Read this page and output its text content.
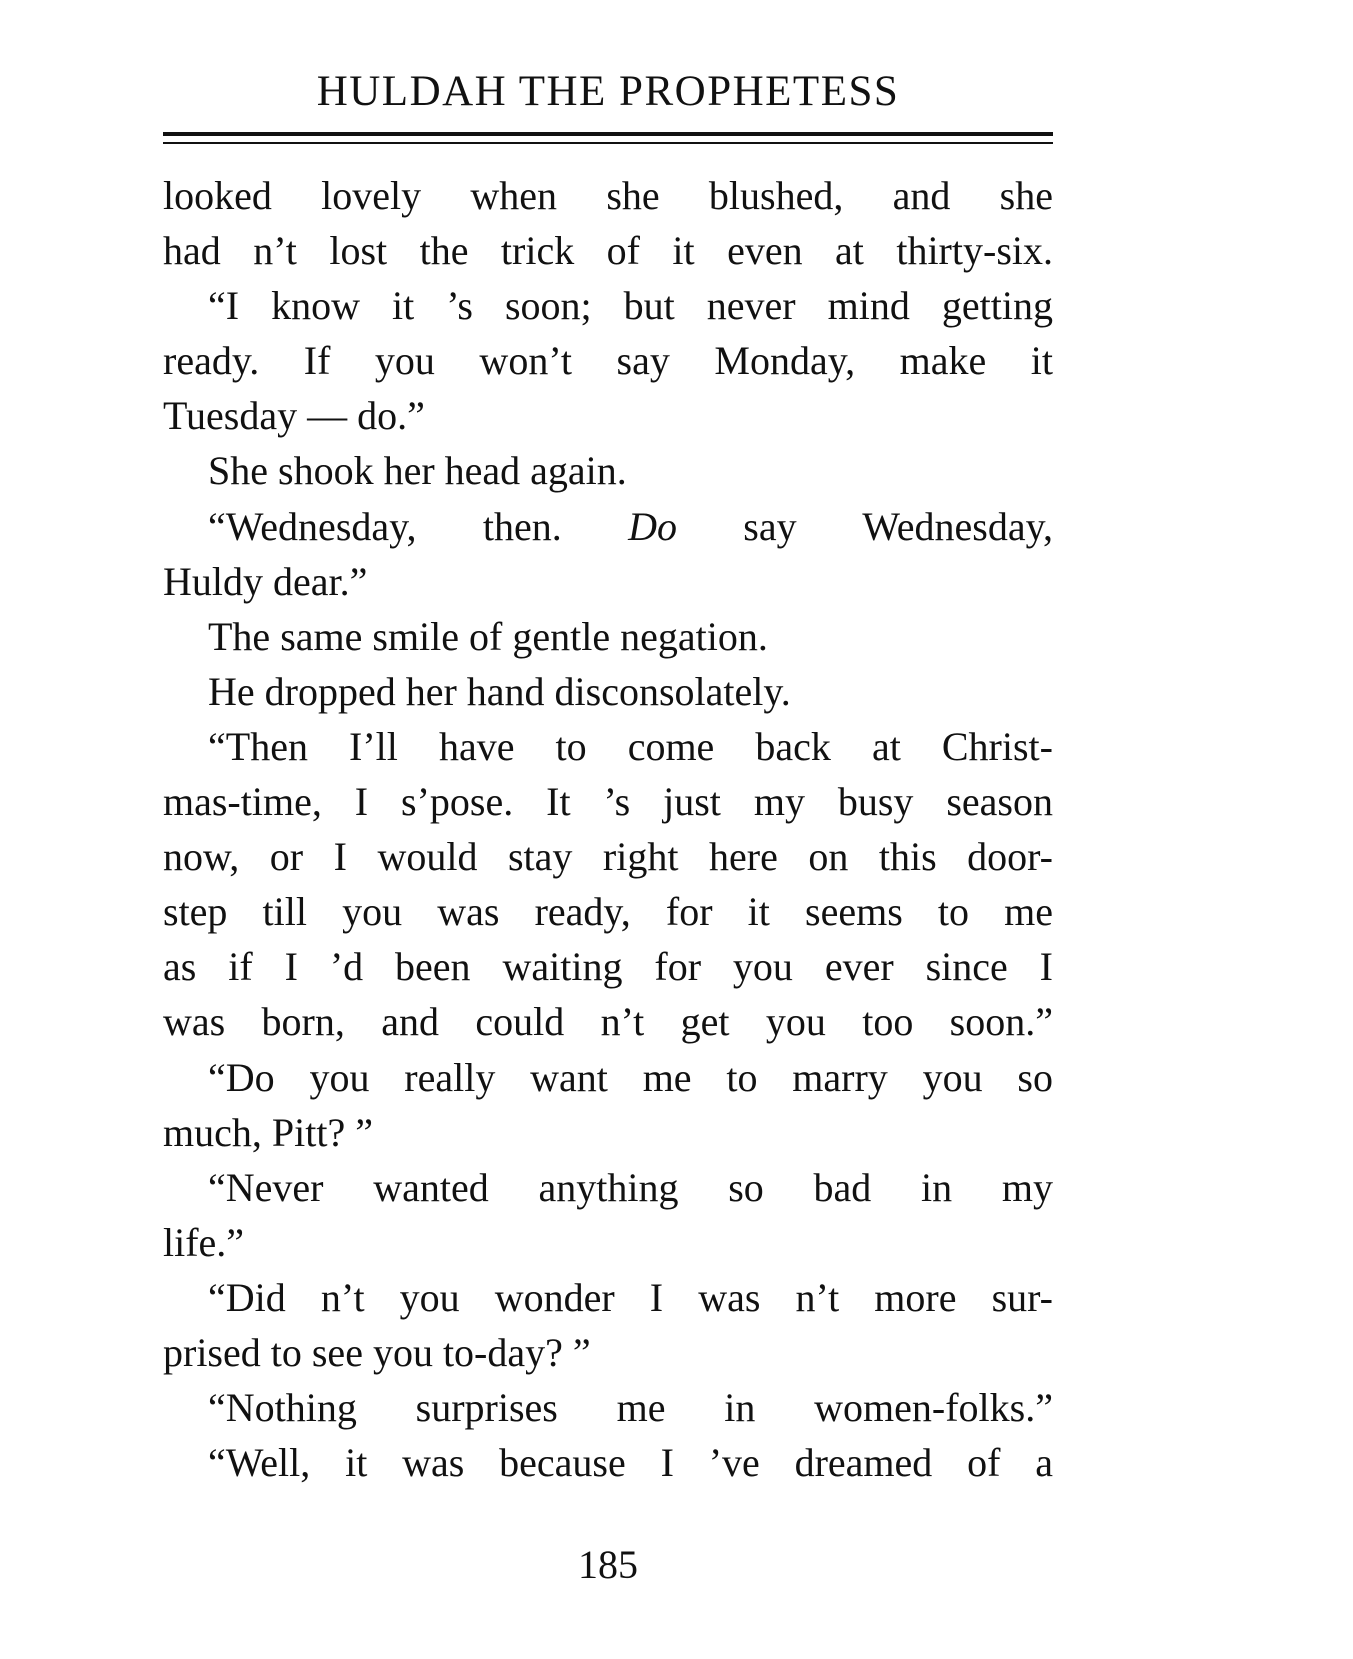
HULDAH THE PROPHETESS
looked lovely when she blushed, and she
had n’t lost the trick of it even at thirty-six.
“I know it ’s soon; but never mind getting
ready. If you won’t say Monday, make it
Tuesday — do.”
She shook her head again.
“Wednesday, then. Do say Wednesday,
Huldy dear.”
The same smile of gentle negation.
He dropped her hand disconsolately.
“Then I’ll have to come back at Christ-
mas-time, I s’pose. It ’s just my busy season
now, or I would stay right here on this door-
step till you was ready, for it seems to me
as if I ’d been waiting for you ever since I
was born, and could n’t get you too soon.”
“Do you really want me to marry you so
much, Pitt? ”
“Never wanted anything so bad in my
life.”
“Did n’t you wonder I was n’t more sur-
prised to see you to-day? ”
“Nothing surprises me in women-folks.”
“Well, it was because I ’ve dreamed of a
185
